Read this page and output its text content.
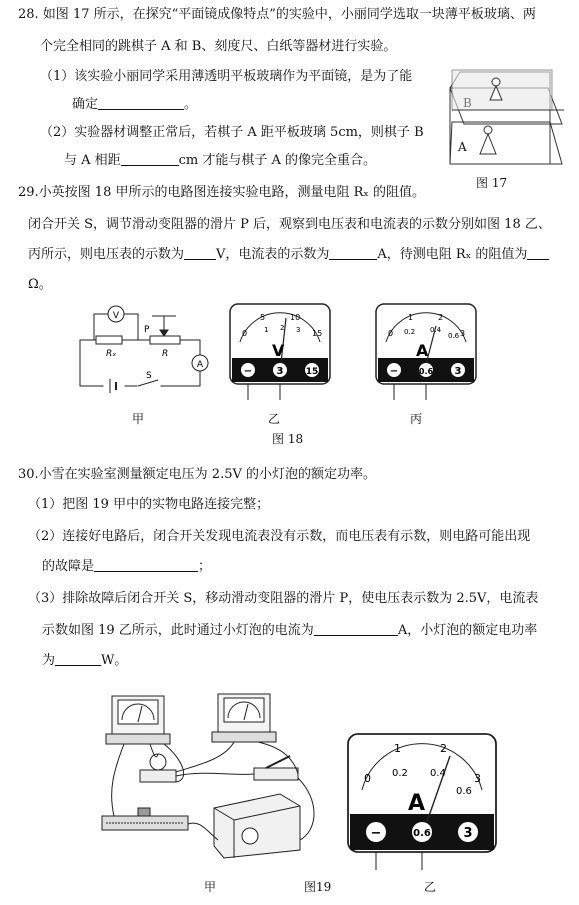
28. 如图 17 所示，在探究“平面镜成像特点”的实验中，小丽同学选取一块薄平板玻璃、两
个完全相同的跳棋子 A 和 B、刻度尺、白纸等器材进行实验。
（1）该实验小丽同学采用薄透明平板玻璃作为平面镜，是为了能
确定	。
（2）实验器材调整正常后，若棋子 A 距平板玻璃 5cm，则棋子 B
与 A 相距	cm 才能与棋子 A 的像完全重合。
B
A
图 17
29.小英按图 18 甲所示的电路图连接实验电路，测量电阻 Rₓ 的阻值。
闭合开关 S，调节滑动变阻器的滑片 P 后，观察到电压表和电流表的示数分别如图 18 乙、
丙所示，则电压表的示数为 V，电流表的示数为	A，待测电阻 Rₓ 的阻值为
Ω。
V
A
Rₓ	R
P
S
0
5	10
15
1 2 3
V
− 3 15
0
1	2
3
0.2 0.4
0.6
A
−	0.6 3
甲	乙	丙
图 18
30.小雪在实验室测量额定电压为 2.5V 的小灯泡的额定功率。
（1）把图 19 甲中的实物电路连接完整；
（2）连接好电路后，闭合开关发现电流表没有示数，而电压表有示数，则电路可能出现
的故障是	；
（3）排除故障后闭合开关 S，移动滑动变阻器的滑片 P，使电压表示数为 2.5V，电流表
示数如图 19 乙所示，此时通过小灯泡的电流为	A，小灯泡的额定电功率
为	W。
0
1	2
3
0.2 0.4
0.6
A
−	0.6	3
甲	图19	乙
